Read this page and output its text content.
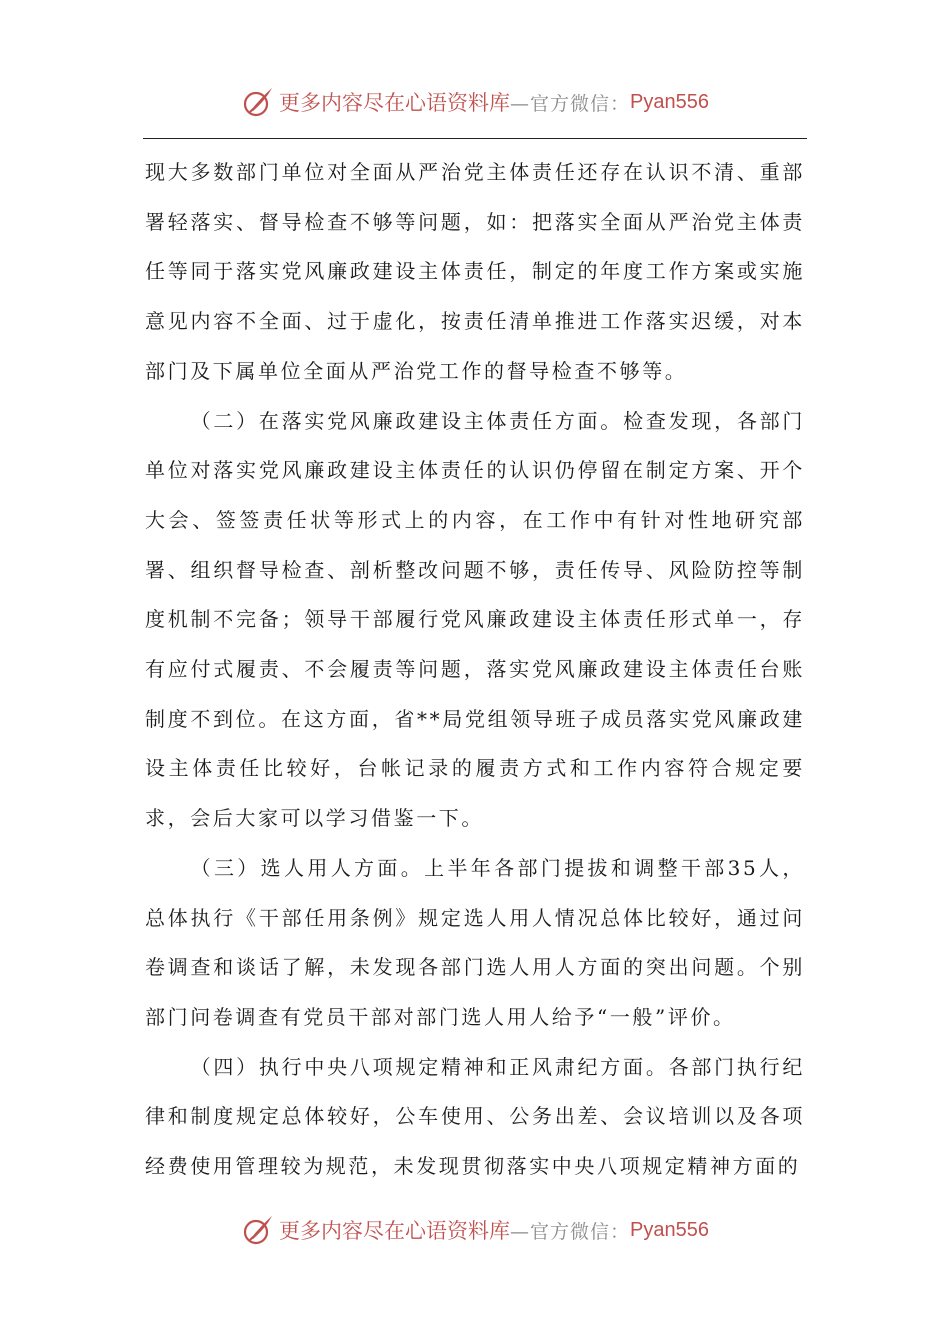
更多内容尽在心语资料库 —官方微信： Pyan556

现大多数部门单位对全面从严治党主体责任还存在认识不清、重部署轻落实、督导检查不够等问题，如：把落实全面从严治党主体责任等同于落实党风廉政建设主体责任，制定的年度工作方案或实施意见内容不全面、过于虚化，按责任清单推进工作落实迟缓，对本部门及下属单位全面从严治党工作的督导检查不够等。

（二）在落实党风廉政建设主体责任方面。检查发现，各部门单位对落实党风廉政建设主体责任的认识仍停留在制定方案、开个大会、签签责任状等形式上的内容，在工作中有针对性地研究部署、组织督导检查、剖析整改问题不够，责任传导、风险防控等制度机制不完备；领导干部履行党风廉政建设主体责任形式单一，存有应付式履责、不会履责等问题，落实党风廉政建设主体责任台账制度不到位。在这方面，省**局党组领导班子成员落实党风廉政建设主体责任比较好，台帐记录的履责方式和工作内容符合规定要求，会后大家可以学习借鉴一下。

（三）选人用人方面。上半年各部门提拔和调整干部35人，总体执行《干部任用条例》规定选人用人情况总体比较好，通过问卷调查和谈话了解，未发现各部门选人用人方面的突出问题。个别部门问卷调查有党员干部对部门选人用人给予“一般”评价。

（四）执行中央八项规定精神和正风肃纪方面。各部门执行纪律和制度规定总体较好，公车使用、公务出差、会议培训以及各项经费使用管理较为规范，未发现贯彻落实中央八项规定精神方面的

更多内容尽在心语资料库 —官方微信： Pyan556
